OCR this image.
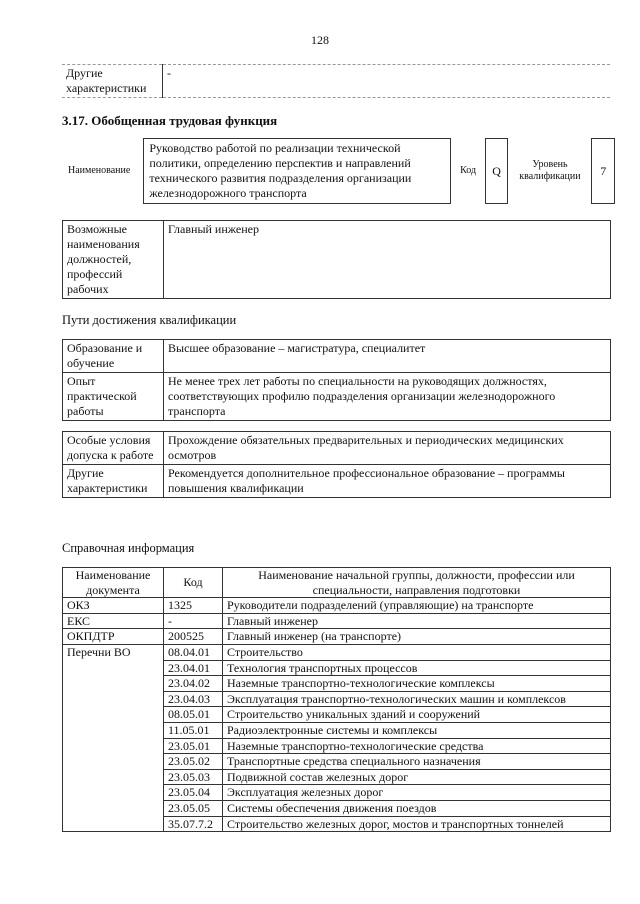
128
Другие характеристики	-
3.17. Обобщенная трудовая функция
Наименование	Руководство работой по реализации технической политики, определению перспектив и направлений технического развития подразделения организации железнодорожного транспорта	Код	Q	Уровень квалификации	7
Возможные наименования должностей, профессий рабочих	Главный инженер
Пути достижения квалификации
Образование и обучение	Высшее образование – магистратура, специалитет
Опыт практической работы	Не менее трех лет работы по специальности на руководящих должностях, соответствующих профилю подразделения организации железнодорожного транспорта
Особые условия допуска к работе	Прохождение обязательных предварительных и периодических медицинских осмотров
Другие характеристики	Рекомендуется дополнительное профессиональное образование – программы повышения квалификации
Справочная информация
Наименование документа	Код	Наименование начальной группы, должности, профессии или специальности, направления подготовки
ОКЗ	1325	Руководители подразделений (управляющие) на транспорте
ЕКС	-	Главный инженер
ОКПДТР	200525	Главный инженер (на транспорте)
Перечни ВО	08.04.01	Строительство
	23.04.01	Технология транспортных процессов
	23.04.02	Наземные транспортно-технологические комплексы
	23.04.03	Эксплуатация транспортно-технологических машин и комплексов
	08.05.01	Строительство уникальных зданий и сооружений
	11.05.01	Радиоэлектронные системы и комплексы
	23.05.01	Наземные транспортно-технологические средства
	23.05.02	Транспортные средства специального назначения
	23.05.03	Подвижной состав железных дорог
	23.05.04	Эксплуатация железных дорог
	23.05.05	Системы обеспечения движения поездов
	35.07.7.2	Строительство железных дорог, мостов и транспортных тоннелей
